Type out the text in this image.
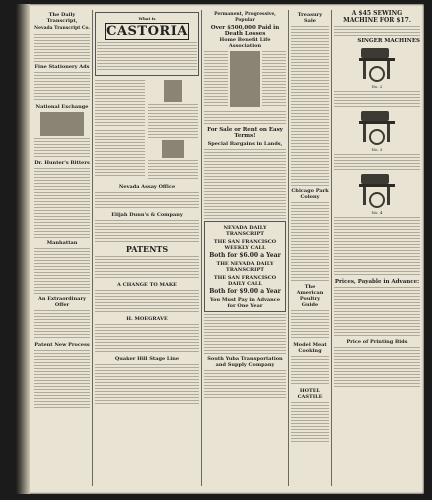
The Daily Transcript,
Nevada Transcript Co.
Fine Stationery Ads
National Exchange
Dr. Hunter's Bitters
Manhattan
An Extraordinary Offer
Patent New Process
What is
CASTORIA
Nevada Assay Office
Elijah Dunn's & Company
PATENTS
A CHANGE TO MAKE
H. MOEGRAVE
Quaker Hill Stage Line
Permanent, Progressive, Popular
Over $500,000 Paid in Death Losses
Home Benefit Life Association
For Sale or Rent on Easy Terms!
Special Bargains in Lands,
NEVADA DAILY TRANSCRIPT
THE SAN FRANCISCO WEEKLY CALL
Both for $6.00 a Year
THE NEVADA DAILY TRANSCRIPT
THE SAN FRANCISCO DAILY CALL
Both for $9.00 a Year
You Must Pay in Advance for One Year
South Yuba Transportation and Supply Company
Treasury Sale
Chicago Park Colony
The American Poultry Guide
Model Meat Cooking
HOTEL CASTILE
A $45 SEWING MACHINE FOR $17.
SINGER MACHINES
No. 2
No. 3
No. 4
Prices, Payable in Advance:
Price of Printing Bids
